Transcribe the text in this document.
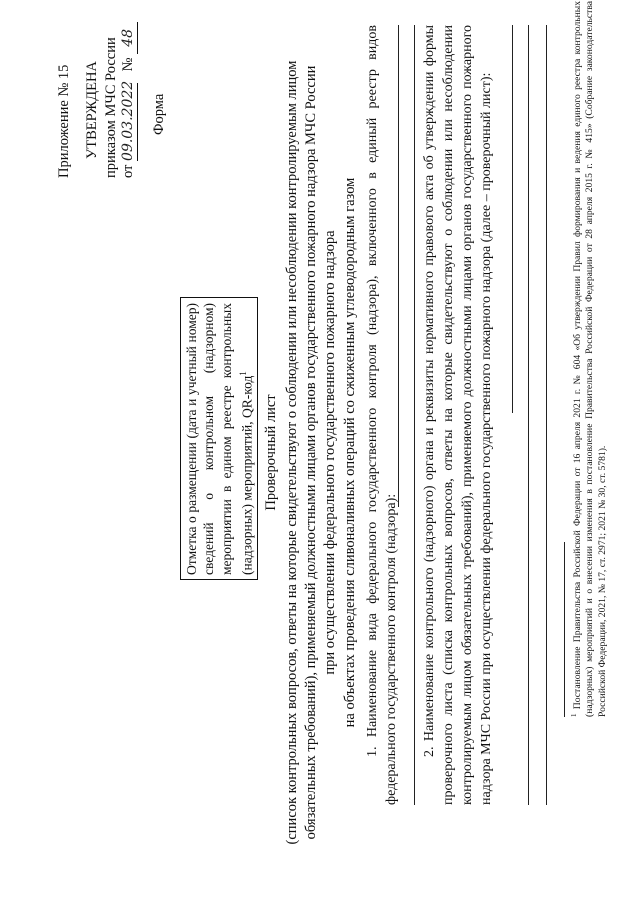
Приложение № 15 УТВЕРЖДЕНА приказом МЧС России от 09.03.2022 № 48
Форма
Отметка о размещении (дата и учетный номер) сведений о контрольном (надзорном) мероприятии в едином реестре контрольных (надзорных) мероприятий, QR-код$^1$
Проверочный лист (список контрольных вопросов, ответы на которые свидетельствуют о соблюдении или несоблюдении контролируемым лицом обязательных требований), применяемый должностными лицами органов государственного пожарного надзора МЧС России при осуществлении федерального государственного пожарного надзора на объектах проведения сливоналивных операций со сжиженным углеводородным газом 1. Наименование вида федерального государственного контроля (надзора), включенного в единый реестр видов федерального государственного контроля (надзора): 2. Наименование контрольного (надзорного) органа и реквизиты нормативного правового акта об утверждении формы проверочного листа (списка контрольных вопросов, ответы на которые свидетельствуют о соблюдении или несоблюдении контролируемым лицом обязательных требований), применяемого должностными лицами органов государственного пожарного надзора МЧС России при осуществлении федерального государственного пожарного надзора (далее – проверочный лист):	$^1$ Постановление Правительства Российской Федерации от 16 апреля 2021 г. № 604 «Об утверждении Правил формирования и ведения единого реестра контрольных (надзорных) мероприятий и о внесении изменения в постановление Правительства Российской Федерации от 28 апреля 2015 г. № 415» (Собрание законодательства Российской Федерации, 2021, № 17, ст. 2971; 2021 № 30, ст. 5781).
